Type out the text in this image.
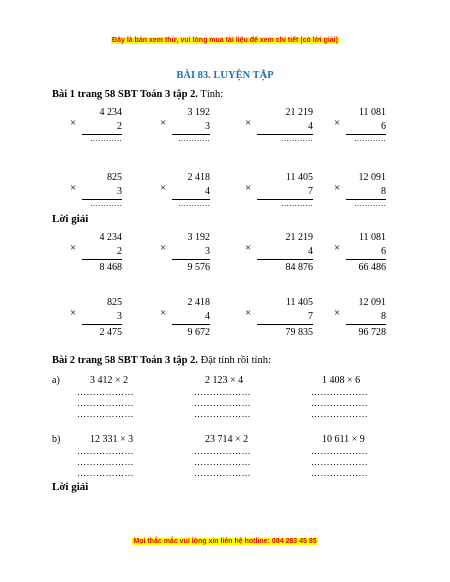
Đây là bản xem thử, vui lòng mua tài liệu để xem chi tiết (có lời giải)
BÀI 83. LUYỆN TẬP
Bài 1 trang 58 SBT Toán 3 tập 2. Tính:
×
4 234
2
…………
×
3 192
3
…………
×
21 219
4
…………
×
11 081
6
…………
×
825
3
…………
×
2 418
4
…………
×
11 405
7
…………
×
12 091
8
…………
Lời giải
×
4 234
2
8 468
×
3 192
3
9 576
×
21 219
4
84 876
×
11 081
6
66 486
×
825
3
2 475
×
2 418
4
9 672
×
11 405
7
79 835
×
12 091
8
96 728
Bài 2 trang 58 SBT Toán 3 tập 2. Đặt tính rồi tính:
a)	3 412 × 2
………………
………………
………………
2 123 × 4
………………
………………
………………
1 408 × 6
………………
………………
………………
b)	12 331 × 3
………………
………………
………………
23 714 × 2
………………
………………
………………
10 611 × 9
………………
………………
………………
Lời giải
Mọi thắc mắc vui lòng xin liên hệ hotline: 084 283 45 85
